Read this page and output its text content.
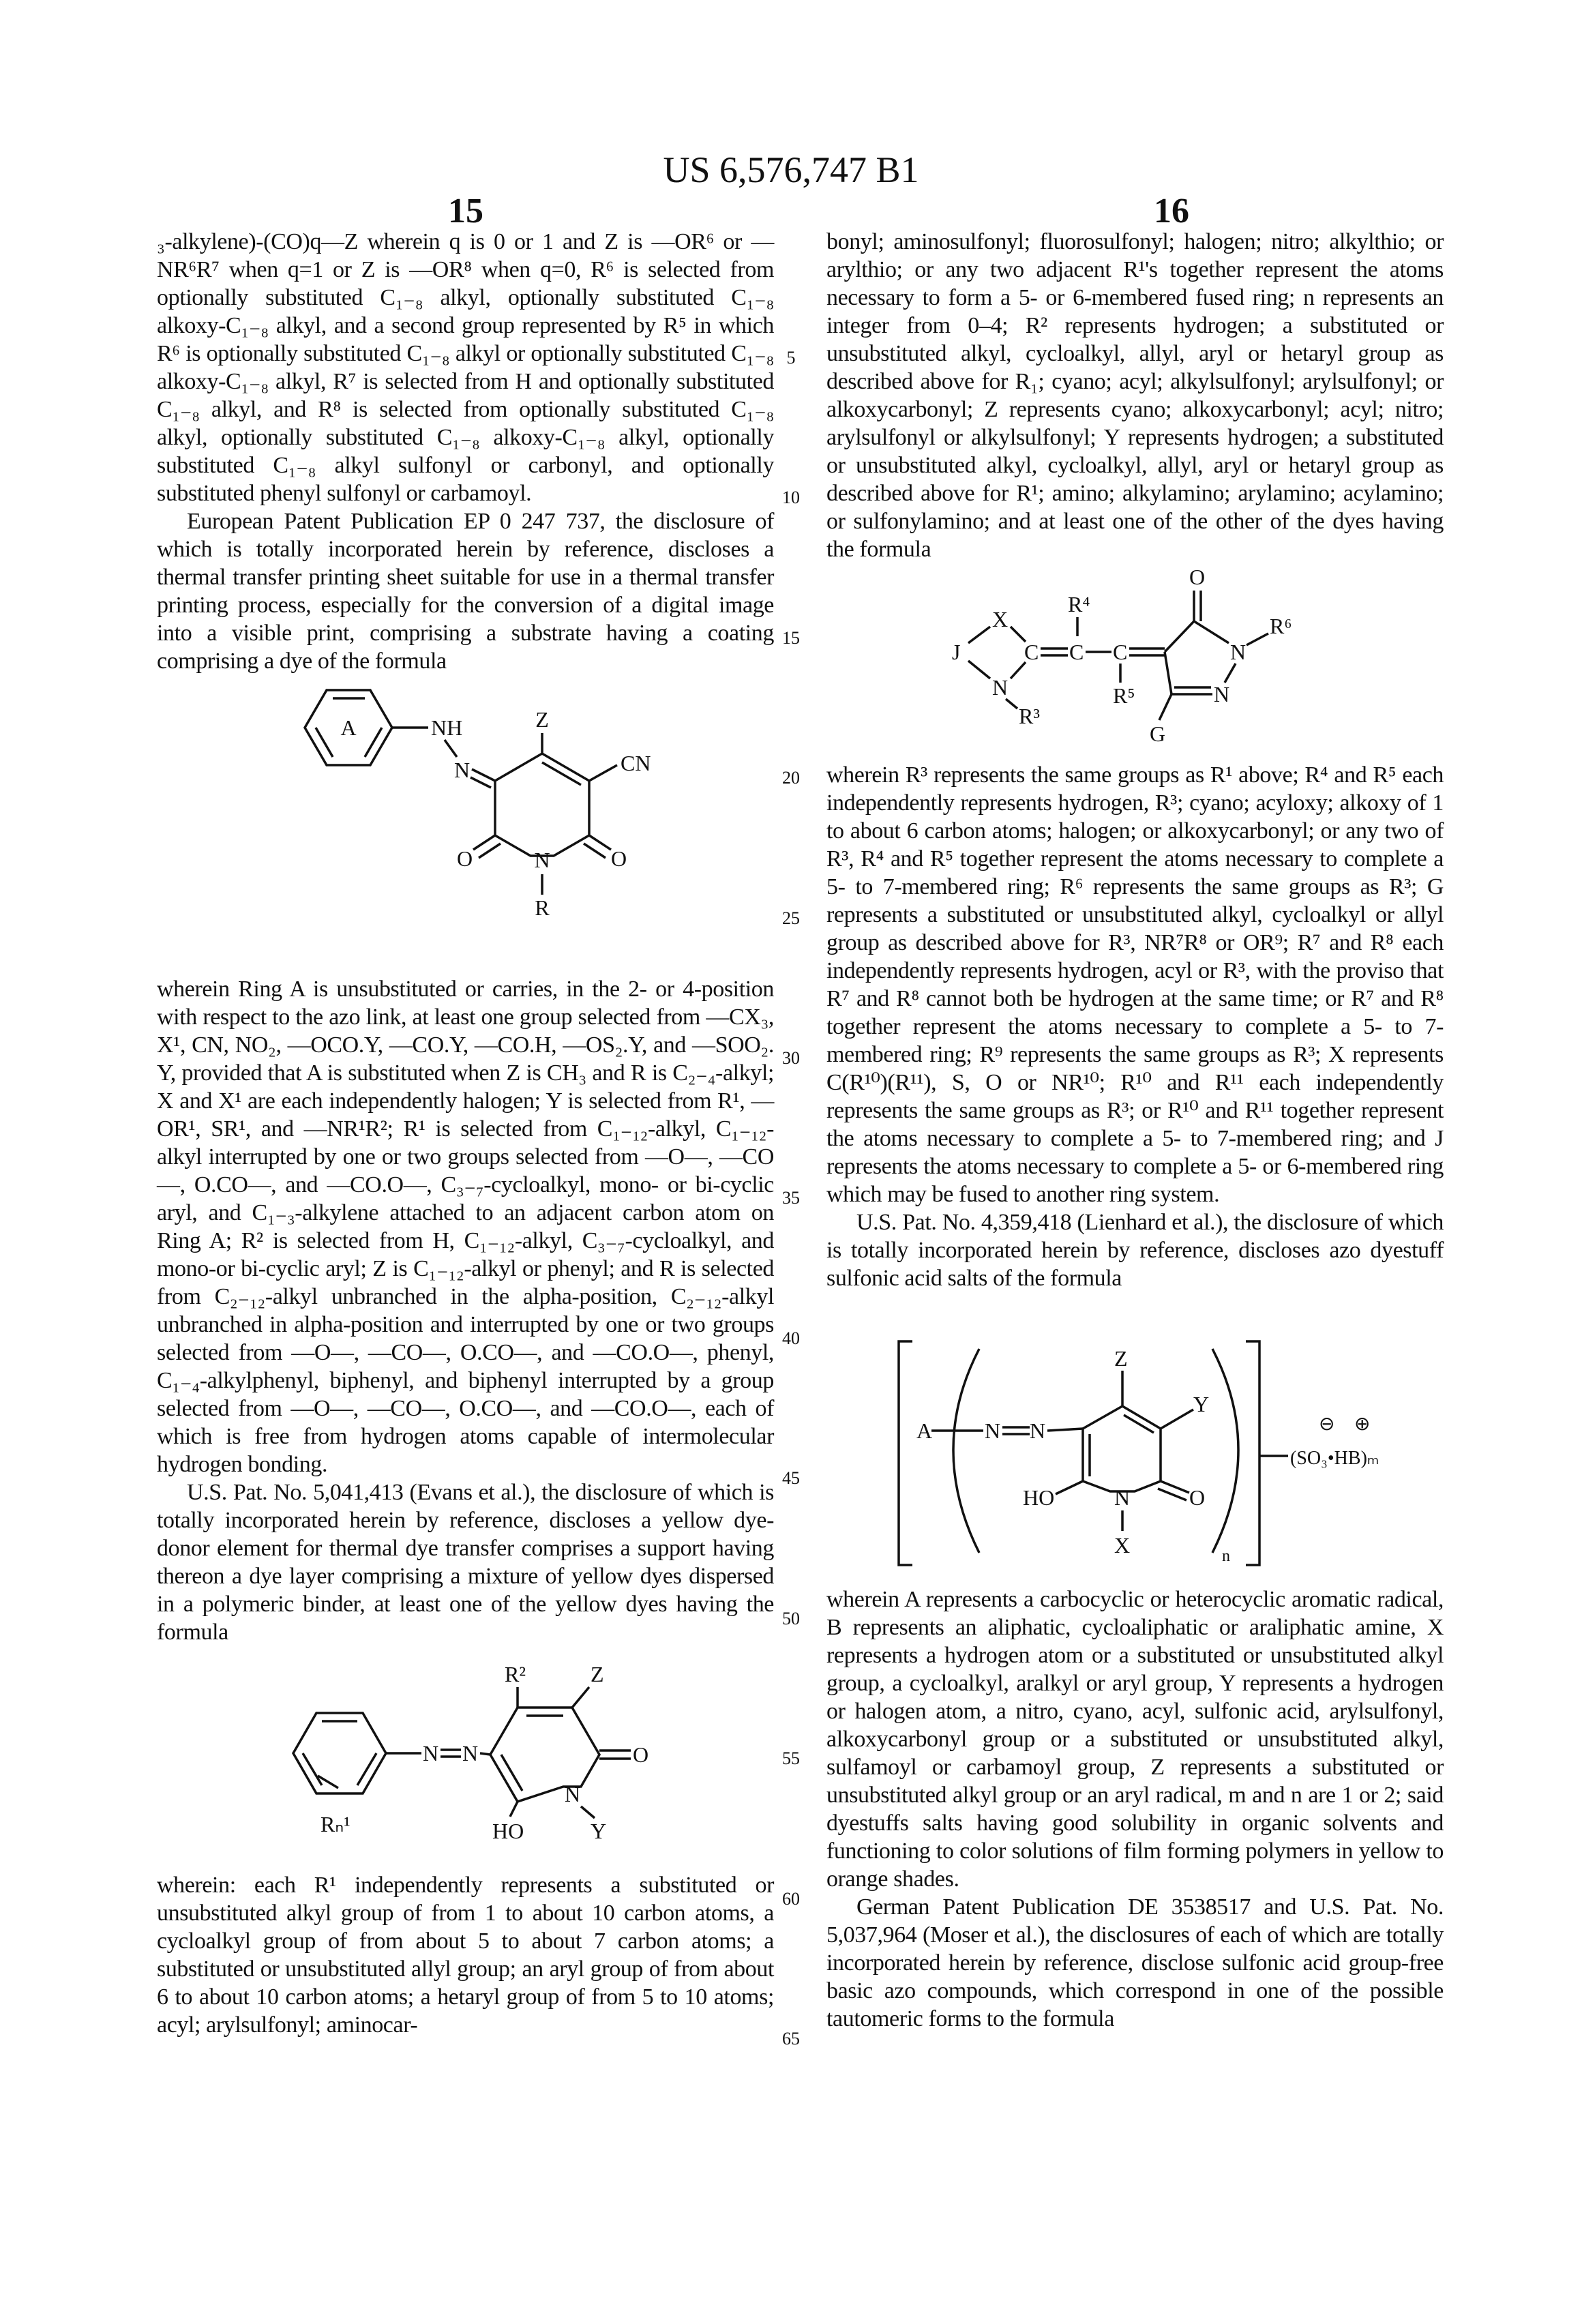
US 6,576,747 B1
15	16
5
10
15
20
25
30
35
40
45
50
55
60
65

₃-alkylene)-(CO)q—Z wherein q is 0 or 1 and Z is —OR⁶ or —NR⁶R⁷ when q=1 or Z is —OR⁸ when q=0, R⁶ is selected from optionally substituted C₁₋₈ alkyl, optionally substituted C₁₋₈ alkoxy-C₁₋₈ alkyl, and a second group represented by R⁵ in which R⁶ is optionally substituted C₁₋₈ alkyl or optionally substituted C₁₋₈ alkoxy-C₁₋₈ alkyl, R⁷ is selected from H and optionally substituted C₁₋₈ alkyl, and R⁸ is selected from optionally substituted C₁₋₈ alkyl, optionally substituted C₁₋₈ alkoxy-C₁₋₈ alkyl, optionally substituted C₁₋₈ alkyl sulfonyl or carbonyl, and optionally substituted phenyl sulfonyl or carbamoyl.

European Patent Publication EP 0 247 737, the disclosure of which is totally incorporated herein by reference, discloses a thermal transfer printing sheet suitable for use in a thermal transfer printing process, especially for the conversion of a digital image into a visible print, comprising a substrate having a coating comprising a dye of the formula

A	NH
N
Z
CN
O	O
N
R

wherein Ring A is unsubstituted or carries, in the 2- or 4-position with respect to the azo link, at least one group selected from —CX₃, X¹, CN, NO₂, —OCO.Y, —CO.Y, —CO.H, —OS₂.Y, and —SOO₂. Y, provided that A is substituted when Z is CH₃ and R is C₂₋₄-alkyl; X and X¹ are each independently halogen; Y is selected from R¹, —OR¹, SR¹, and —NR¹R²; R¹ is selected from C₁₋₁₂-alkyl, C₁₋₁₂-alkyl interrupted by one or two groups selected from —O—, —CO—, O.CO—, and —CO.O—, C₃₋₇-cycloalkyl, mono- or bi-cyclic aryl, and C₁₋₃-alkylene attached to an adjacent carbon atom on Ring A; R² is selected from H, C₁₋₁₂-alkyl, C₃₋₇-cycloalkyl, and mono-or bi-cyclic aryl; Z is C₁₋₁₂-alkyl or phenyl; and R is selected from C₂₋₁₂-alkyl unbranched in the alpha-position, C₂₋₁₂-alkyl unbranched in alpha-position and interrupted by one or two groups selected from —O—, —CO—, O.CO—, and —CO.O—, phenyl, C₁₋₄-alkylphenyl, biphenyl, and biphenyl interrupted by a group selected from —O—, —CO—, O.CO—, and —CO.O—, each of which is free from hydrogen atoms capable of intermolecular hydrogen bonding.

U.S. Pat. No. 5,041,413 (Evans et al.), the disclosure of which is totally incorporated herein by reference, discloses a yellow dye-donor element for thermal dye transfer comprises a support having thereon a dye layer comprising a mixture of yellow dyes dispersed in a polymeric binder, at least one of the yellow dyes having the formula

Rₙ¹
N N
R²	Z
O
N
HO	Y

wherein: each R¹ independently represents a substituted or unsubstituted alkyl group of from 1 to about 10 carbon atoms, a cycloalkyl group of from about 5 to about 7 carbon atoms; a substituted or unsubstituted allyl group; an aryl group of from about 6 to about 10 carbon atoms; a hetaryl group of from 5 to 10 atoms; acyl; arylsulfonyl; aminocar-

bonyl; aminosulfonyl; fluorosulfonyl; halogen; nitro; alkylthio; or arylthio; or any two adjacent R¹'s together represent the atoms necessary to form a 5- or 6-membered fused ring; n represents an integer from 0–4; R² represents hydrogen; a substituted or unsubstituted alkyl, cycloalkyl, allyl, aryl or hetaryl group as described above for R₁; cyano; acyl; alkylsulfonyl; arylsulfonyl; or alkoxycarbonyl; Z represents cyano; alkoxycarbonyl; acyl; nitro; arylsulfonyl or alkylsulfonyl; Y represents hydrogen; a substituted or unsubstituted alkyl, cycloalkyl, allyl, aryl or hetaryl group as described above for R¹; amino; alkylamino; arylamino; acylamino; or sulfonylamino; and at least one of the other of the dyes having the formula

X
J	C C
R⁴
C
R⁵
N
R³
O
N
R⁶
N
G

wherein R³ represents the same groups as R¹ above; R⁴ and R⁵ each independently represents hydrogen, R³; cyano; acyloxy; alkoxy of 1 to about 6 carbon atoms; halogen; or alkoxycarbonyl; or any two of R³, R⁴ and R⁵ together represent the atoms necessary to complete a 5- to 7-membered ring; R⁶ represents the same groups as R³; G represents a substituted or unsubstituted alkyl, cycloalkyl or allyl group as described above for R³, NR⁷R⁸ or OR⁹; R⁷ and R⁸ each independently represents hydrogen, acyl or R³, with the proviso that R⁷ and R⁸ cannot both be hydrogen at the same time; or R⁷ and R⁸ together represent the atoms necessary to complete a 5- to 7-membered ring; R⁹ represents the same groups as R³; X represents C(R¹⁰)(R¹¹), S, O or NR¹⁰; R¹⁰ and R¹¹ each independently represents the same groups as R³; or R¹⁰ and R¹¹ together represent the atoms necessary to complete a 5- to 7-membered ring; and J represents the atoms necessary to complete a 5- or 6-membered ring which may be fused to another ring system.

U.S. Pat. No. 4,359,418 (Lienhard et al.), the disclosure of which is totally incorporated herein by reference, discloses azo dyestuff sulfonic acid salts of the formula

A N N
Z
Y
HO	N	O
X	n
(SO₃•HB)ₘ
⊖ ⊕

wherein A represents a carbocyclic or heterocyclic aromatic radical, B represents an aliphatic, cycloaliphatic or araliphatic amine, X represents a hydrogen atom or a substituted or unsubstituted alkyl group, a cycloalkyl, aralkyl or aryl group, Y represents a hydrogen or halogen atom, a nitro, cyano, acyl, sulfonic acid, arylsulfonyl, alkoxycarbonyl group or a substituted or unsubstituted alkyl, sulfamoyl or carbamoyl group, Z represents a substituted or unsubstituted alkyl group or an aryl radical, m and n are 1 or 2; said dyestuffs salts having good solubility in organic solvents and functioning to color solutions of film forming polymers in yellow to orange shades.

German Patent Publication DE 3538517 and U.S. Pat. No. 5,037,964 (Moser et al.), the disclosures of each of which are totally incorporated herein by reference, disclose sulfonic acid group-free basic azo compounds, which correspond in one of the possible tautomeric forms to the formula
